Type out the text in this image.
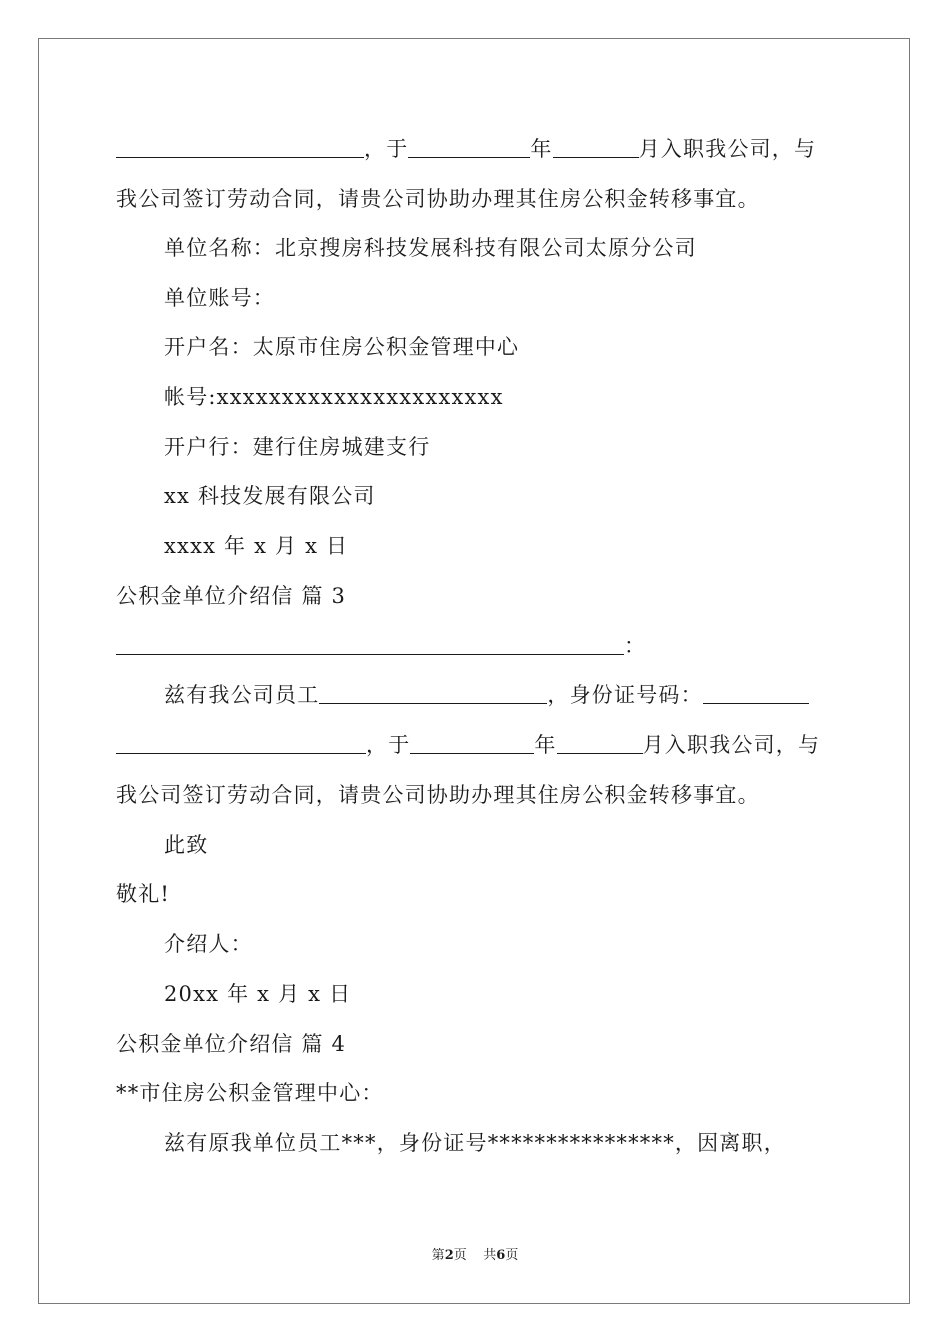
，于	年	月入职我公司，与
我公司签订劳动合同，请贵公司协助办理其住房公积金转移事宜。
单位名称：北京搜房科技发展科技有限公司太原分公司
单位账号：
开户名：太原市住房公积金管理中心
帐号:xxxxxxxxxxxxxxxxxxxxxx
开户行：建行住房城建支行
xx 科技发展有限公司
xxxx 年 x 月 x 日
公积金单位介绍信 篇 3
：
兹有我公司员工	，身份证号码：
，于	年	月入职我公司，与
我公司签订劳动合同，请贵公司协助办理其住房公积金转移事宜。
此致
敬礼!
介绍人：
20xx 年 x 月 x 日
公积金单位介绍信 篇 4
**市住房公积金管理中心：
兹有原我单位员工***，身份证号****************，因离职，
第2页    共6页
